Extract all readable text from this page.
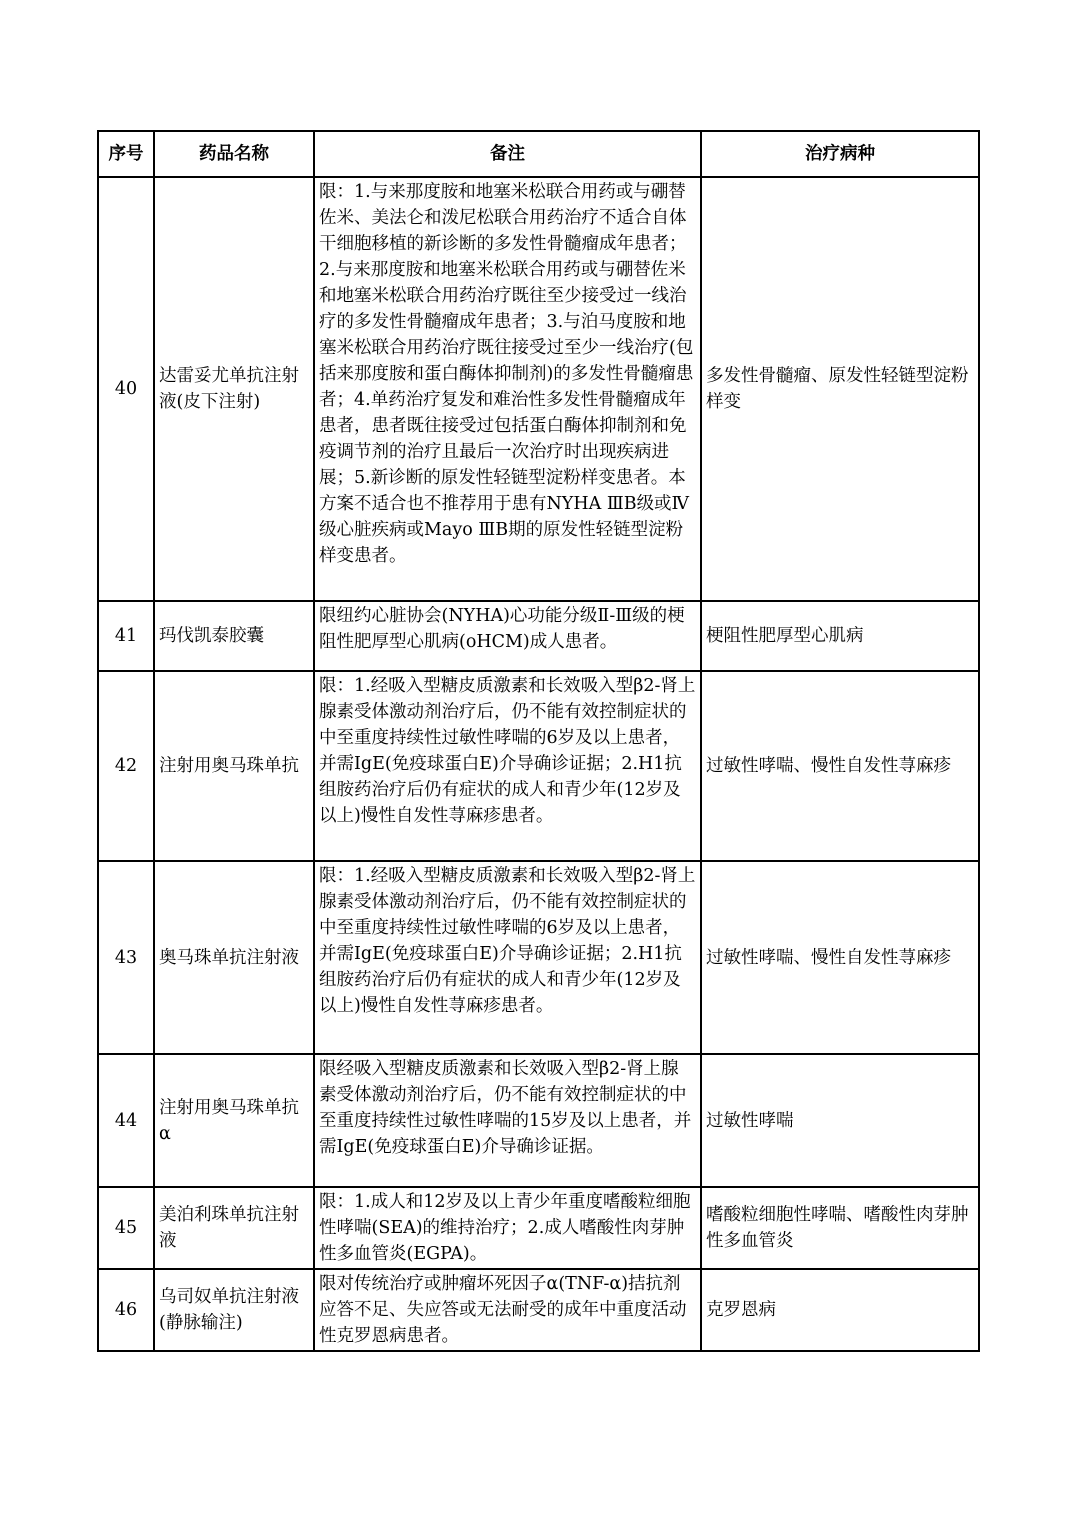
序号	药品名称	备注	治疗病种
40	达雷妥尤单抗注射液(皮下注射)	限：1.与来那度胺和地塞米松联合用药或与硼替佐米、美法仑和泼尼松联合用药治疗不适合自体干细胞移植的新诊断的多发性骨髓瘤成年患者；2.与来那度胺和地塞米松联合用药或与硼替佐米和地塞米松联合用药治疗既往至少接受过一线治疗的多发性骨髓瘤成年患者；3.与泊马度胺和地塞米松联合用药治疗既往接受过至少一线治疗(包括来那度胺和蛋白酶体抑制剂)的多发性骨髓瘤患者；4.单药治疗复发和难治性多发性骨髓瘤成年患者，患者既往接受过包括蛋白酶体抑制剂和免疫调节剂的治疗且最后一次治疗时出现疾病进展；5.新诊断的原发性轻链型淀粉样变患者。本方案不适合也不推荐用于患有NYHA ⅢB级或Ⅳ级心脏疾病或Mayo ⅢB期的原发性轻链型淀粉样变患者。	多发性骨髓瘤、原发性轻链型淀粉样变
41	玛伐凯泰胶囊	限纽约心脏协会(NYHA)心功能分级Ⅱ-Ⅲ级的梗阻性肥厚型心肌病(oHCM)成人患者。	梗阻性肥厚型心肌病
42	注射用奥马珠单抗	限：1.经吸入型糖皮质激素和长效吸入型β2-肾上腺素受体激动剂治疗后，仍不能有效控制症状的中至重度持续性过敏性哮喘的6岁及以上患者，并需IgE(免疫球蛋白E)介导确诊证据；2.H1抗组胺药治疗后仍有症状的成人和青少年(12岁及以上)慢性自发性荨麻疹患者。	过敏性哮喘、慢性自发性荨麻疹
43	奥马珠单抗注射液	限：1.经吸入型糖皮质激素和长效吸入型β2-肾上腺素受体激动剂治疗后，仍不能有效控制症状的中至重度持续性过敏性哮喘的6岁及以上患者，并需IgE(免疫球蛋白E)介导确诊证据；2.H1抗组胺药治疗后仍有症状的成人和青少年(12岁及以上)慢性自发性荨麻疹患者。	过敏性哮喘、慢性自发性荨麻疹
44	注射用奥马珠单抗α	限经吸入型糖皮质激素和长效吸入型β2-肾上腺素受体激动剂治疗后，仍不能有效控制症状的中至重度持续性过敏性哮喘的15岁及以上患者，并需IgE(免疫球蛋白E)介导确诊证据。	过敏性哮喘
45	美泊利珠单抗注射液	限：1.成人和12岁及以上青少年重度嗜酸粒细胞性哮喘(SEA)的维持治疗；2.成人嗜酸性肉芽肿性多血管炎(EGPA)。	嗜酸粒细胞性哮喘、嗜酸性肉芽肿性多血管炎
46	乌司奴单抗注射液(静脉输注)	限对传统治疗或肿瘤坏死因子α(TNF-α)拮抗剂应答不足、失应答或无法耐受的成年中重度活动性克罗恩病患者。	克罗恩病
